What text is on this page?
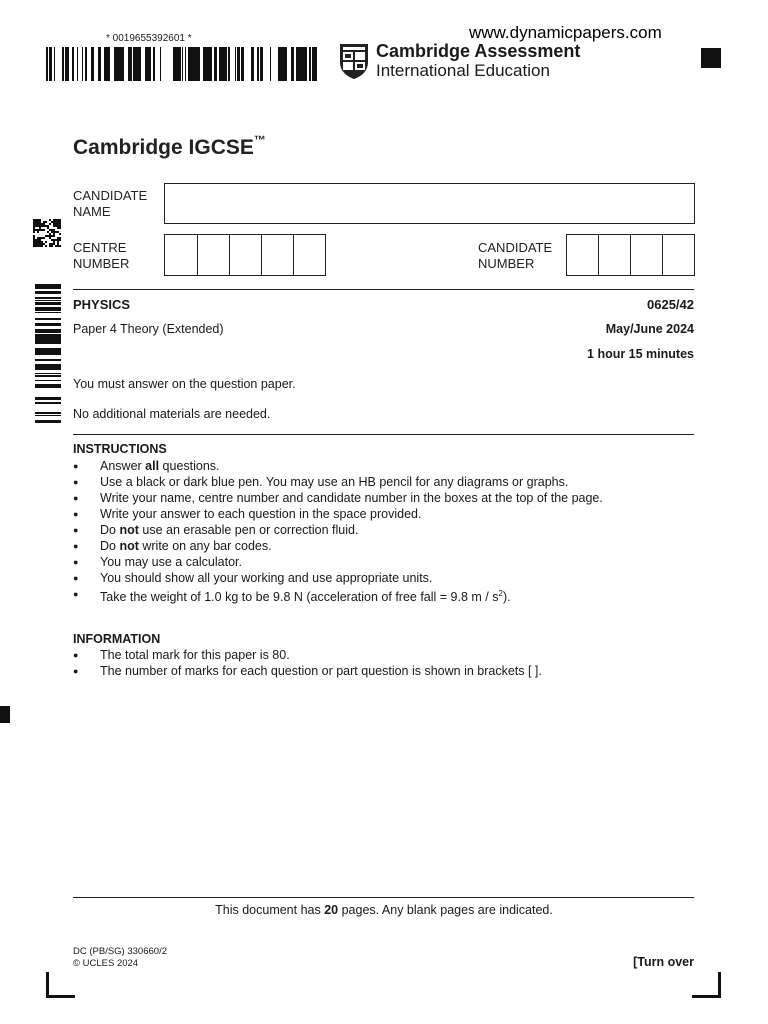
* 0019655392601 *	www.dynamicpapers.com
Cambridge Assessment
International Education
Cambridge IGCSE™
CANDIDATE
NAME
CENTRE
NUMBER
CANDIDATE
NUMBER
PHYSICS	0625/42
Paper 4 Theory (Extended)	May/June 2024
1 hour 15 minutes
You must answer on the question paper.
No additional materials are needed.
INSTRUCTIONS
● Answer all questions.
● Use a black or dark blue pen. You may use an HB pencil for any diagrams or graphs.
● Write your name, centre number and candidate number in the boxes at the top of the page.
● Write your answer to each question in the space provided.
● Do not use an erasable pen or correction fluid.
● Do not write on any bar codes.
● You may use a calculator.
● You should show all your working and use appropriate units.
● Take the weight of 1.0 kg to be 9.8 N (acceleration of free fall = 9.8 m / $s^2$).
INFORMATION
● The total mark for this paper is 80.
● The number of marks for each question or part question is shown in brackets [ ].
This document has 20 pages. Any blank pages are indicated.
DC (PB/SG) 330660/2
© UCLES 2024	[Turn over
